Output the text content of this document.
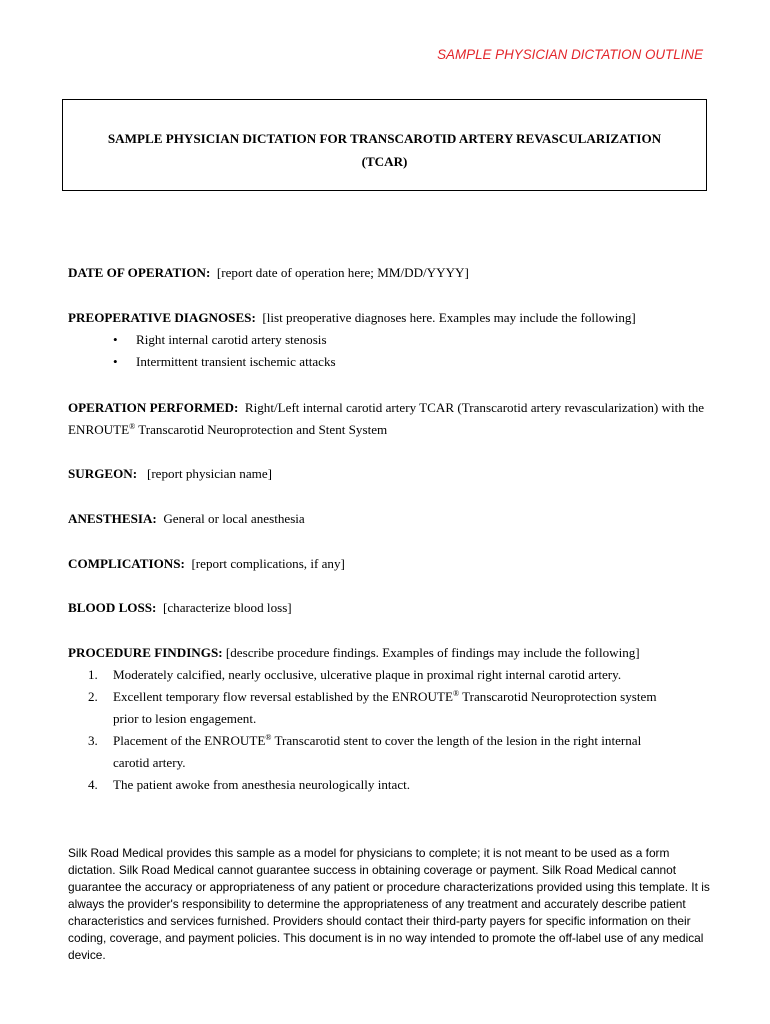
SAMPLE PHYSICIAN DICTATION OUTLINE
SAMPLE PHYSICIAN DICTATION FOR TRANSCAROTID ARTERY REVASCULARIZATION
(TCAR)
DATE OF OPERATION: [report date of operation here; MM/DD/YYYY]
PREOPERATIVE DIAGNOSES: [list preoperative diagnoses here. Examples may include the following]
• Right internal carotid artery stenosis
• Intermittent transient ischemic attacks
OPERATION PERFORMED: Right/Left internal carotid artery TCAR (Transcarotid artery revascularization) with the ENROUTE® Transcarotid Neuroprotection and Stent System
SURGEON: [report physician name]
ANESTHESIA: General or local anesthesia
COMPLICATIONS: [report complications, if any]
BLOOD LOSS: [characterize blood loss]
PROCEDURE FINDINGS: [describe procedure findings. Examples of findings may include the following]
1. Moderately calcified, nearly occlusive, ulcerative plaque in proximal right internal carotid artery.
2. Excellent temporary flow reversal established by the ENROUTE® Transcarotid Neuroprotection system
prior to lesion engagement.
3. Placement of the ENROUTE® Transcarotid stent to cover the length of the lesion in the right internal
carotid artery.
4. The patient awoke from anesthesia neurologically intact.
Silk Road Medical provides this sample as a model for physicians to complete; it is not meant to be used as a form dictation. Silk Road Medical cannot guarantee success in obtaining coverage or payment. Silk Road Medical cannot guarantee the accuracy or appropriateness of any patient or procedure characterizations provided using this template. It is always the provider's responsibility to determine the appropriateness of any treatment and accurately describe patient characteristics and services furnished. Providers should contact their third-party payers for specific information on their coding, coverage, and payment policies. This document is in no way intended to promote the off-label use of any medical device.
